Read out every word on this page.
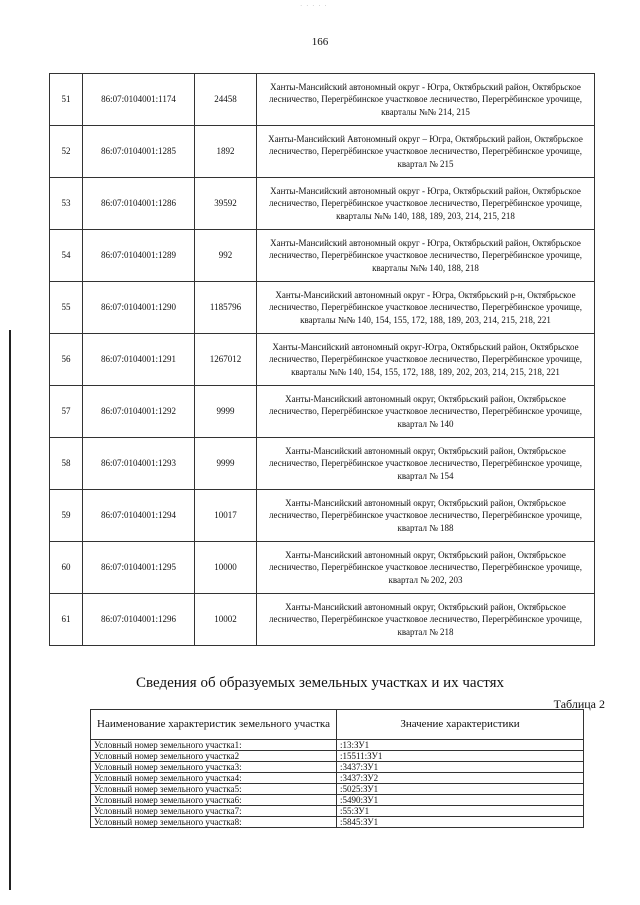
· · · · ·
166
51	86:07:0104001:1174	24458	Ханты-Мансийский автономный округ - Югра, Октябрьский район, Октябрьское лесничество, Перегрёбинское участковое лесничество, Перегрёбинское урочище, кварталы №№ 214, 215
52	86:07:0104001:1285	1892	Ханты-Мансийский Автономный округ – Югра, Октябрьский район, Октябрьское лесничество, Перегрёбинское участковое лесничество, Перегрёбинское урочище, квартал № 215
53	86:07:0104001:1286	39592	Ханты-Мансийский автономный округ - Югра, Октябрьский район, Октябрьское лесничество, Перегрёбинское участковое лесничество, Перегрёбинское урочище, кварталы №№ 140, 188, 189, 203, 214, 215, 218
54	86:07:0104001:1289	992	Ханты-Мансийский автономный округ - Югра, Октябрьский район, Октябрьское лесничество, Перегрёбинское участковое лесничество, Перегрёбинское урочище, кварталы №№ 140, 188, 218
55	86:07:0104001:1290	1185796	Ханты-Мансийский автономный округ - Югра, Октябрьский р-н, Октябрьское лесничество, Перегрёбинское участковое лесничество, Перегрёбинское урочище, кварталы №№ 140, 154, 155, 172, 188, 189, 203, 214, 215, 218, 221
56	86:07:0104001:1291	1267012	Ханты-Мансийский автономный округ-Югра, Октябрьский район, Октябрьское лесничество, Перегрёбинское участковое лесничество, Перегрёбинское урочище, кварталы №№ 140, 154, 155, 172, 188, 189, 202, 203, 214, 215, 218, 221
57	86:07:0104001:1292	9999	Ханты-Мансийский автономный округ, Октябрьский район, Октябрьское лесничество, Перегрёбинское участковое лесничество, Перегрёбинское урочище, квартал № 140
58	86:07:0104001:1293	9999	Ханты-Мансийский автономный округ, Октябрьский район, Октябрьское лесничество, Перегрёбинское участковое лесничество, Перегрёбинское урочище, квартал № 154
59	86:07:0104001:1294	10017	Ханты-Мансийский автономный округ, Октябрьский район, Октябрьское лесничество, Перегрёбинское участковое лесничество, Перегрёбинское урочище, квартал № 188
60	86:07:0104001:1295	10000	Ханты-Мансийский автономный округ, Октябрьский район, Октябрьское лесничество, Перегрёбинское участковое лесничество, Перегрёбинское урочище, квартал № 202, 203
61	86:07:0104001:1296	10002	Ханты-Мансийский автономный округ, Октябрьский район, Октябрьское лесничество, Перегрёбинское участковое лесничество, Перегрёбинское урочище, квартал № 218
Сведения об образуемых земельных участках и их частях
Таблица 2
Наименование характеристик земельного участка	Значение характеристики
Условный номер земельного участка1:	:13:ЗУ1
Условный номер земельного участка2	:15511:ЗУ1
Условный номер земельного участка3:	:3437:ЗУ1
Условный номер земельного участка4:	:3437:ЗУ2
Условный номер земельного участка5:	:5025:ЗУ1
Условный номер земельного участка6:	:5490:ЗУ1
Условный номер земельного участка7:	:55:ЗУ1
Условный номер земельного участка8:	:5845:ЗУ1
